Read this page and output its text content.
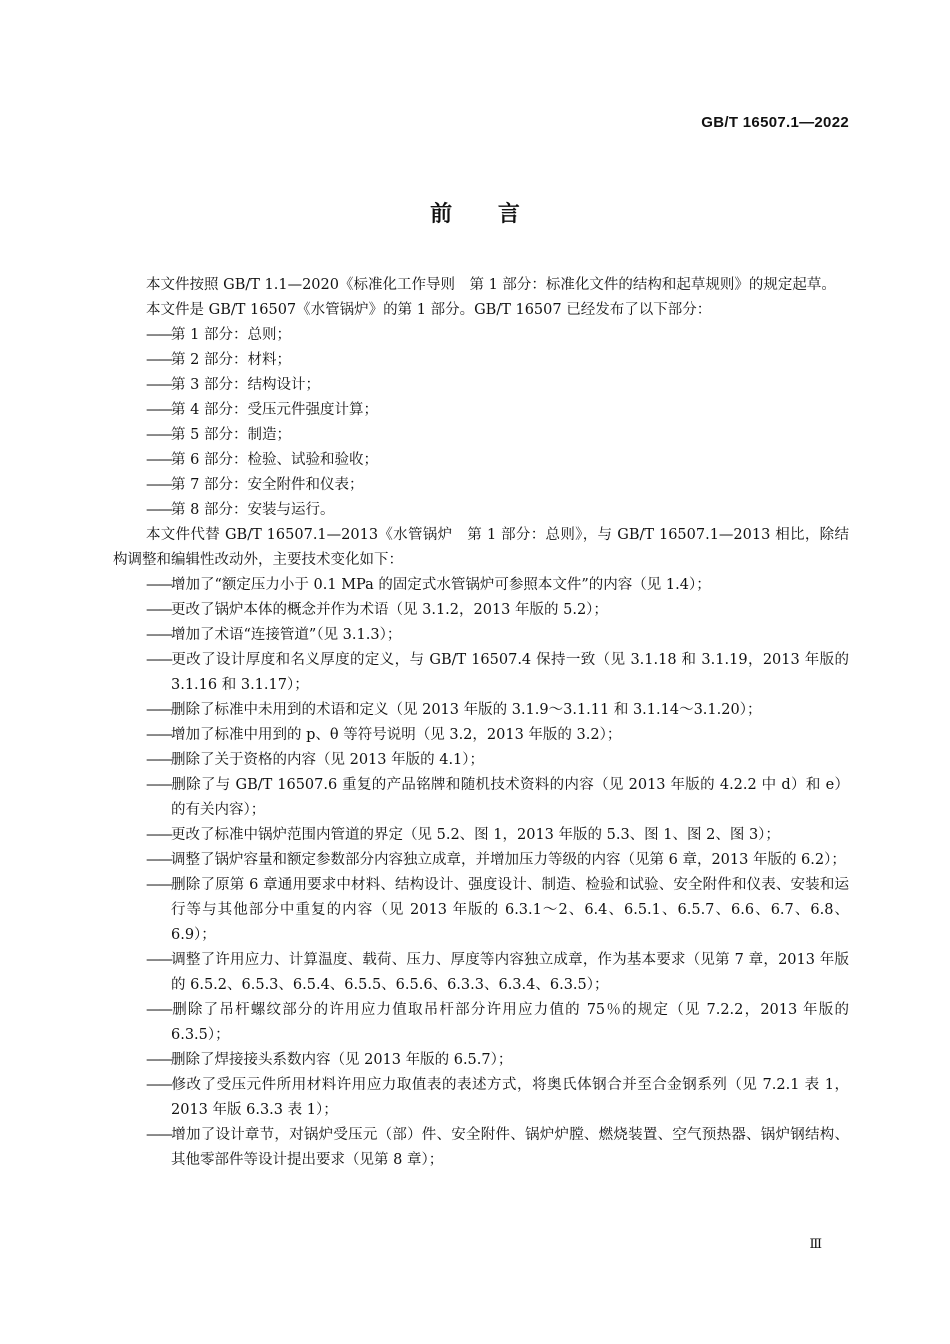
GB/T 16507.1—2022
前 言

本文件按照 GB/T 1.1—2020《标准化工作导则　第 1 部分：标准化文件的结构和起草规则》的规定起草。

本文件是 GB/T 16507《水管锅炉》的第 1 部分。GB/T 16507 已经发布了以下部分：

——第 1 部分：总则；

——第 2 部分：材料；

——第 3 部分：结构设计；

——第 4 部分：受压元件强度计算；

——第 5 部分：制造；

——第 6 部分：检验、试验和验收；

——第 7 部分：安全附件和仪表；

——第 8 部分：安装与运行。

本文件代替 GB/T 16507.1—2013《水管锅炉　第 1 部分：总则》，与 GB/T 16507.1—2013 相比，除结构调整和编辑性改动外，主要技术变化如下：

——增加了“额定压力小于 0.1 MPa 的固定式水管锅炉可参照本文件”的内容（见 1.4）；

——更改了锅炉本体的概念并作为术语（见 3.1.2，2013 年版的 5.2）；

——增加了术语“连接管道”（见 3.1.3）；

——更改了设计厚度和名义厚度的定义，与 GB/T 16507.4 保持一致（见 3.1.18 和 3.1.19，2013 年版的 3.1.16 和 3.1.17）；

——删除了标准中未用到的术语和定义（见 2013 年版的 3.1.9～3.1.11 和 3.1.14～3.1.20）；

——增加了标准中用到的 p、θ 等符号说明（见 3.2，2013 年版的 3.2）；

——删除了关于资格的内容（见 2013 年版的 4.1）；

——删除了与 GB/T 16507.6 重复的产品铭牌和随机技术资料的内容（见 2013 年版的 4.2.2 中 d）和 e）的有关内容）；

——更改了标准中锅炉范围内管道的界定（见 5.2、图 1，2013 年版的 5.3、图 1、图 2、图 3）；

——调整了锅炉容量和额定参数部分内容独立成章，并增加压力等级的内容（见第 6 章，2013 年版的 6.2）；

——删除了原第 6 章通用要求中材料、结构设计、强度设计、制造、检验和试验、安全附件和仪表、安装和运行等与其他部分中重复的内容（见 2013 年版的 6.3.1～2、6.4、6.5.1、6.5.7、6.6、6.7、6.8、6.9）；

——调整了许用应力、计算温度、载荷、压力、厚度等内容独立成章，作为基本要求（见第 7 章，2013 年版的 6.5.2、6.5.3、6.5.4、6.5.5、6.5.6、6.3.3、6.3.4、6.3.5）；

——删除了吊杆螺纹部分的许用应力值取吊杆部分许用应力值的 75％的规定（见 7.2.2，2013 年版的 6.3.5）；

——删除了焊接接头系数内容（见 2013 年版的 6.5.7）；

——修改了受压元件所用材料许用应力取值表的表述方式，将奥氏体钢合并至合金钢系列（见 7.2.1 表 1，2013 年版 6.3.3 表 1）；

——增加了设计章节，对锅炉受压元（部）件、安全附件、锅炉炉膛、燃烧装置、空气预热器、锅炉钢结构、其他零部件等设计提出要求（见第 8 章）；

Ⅲ
